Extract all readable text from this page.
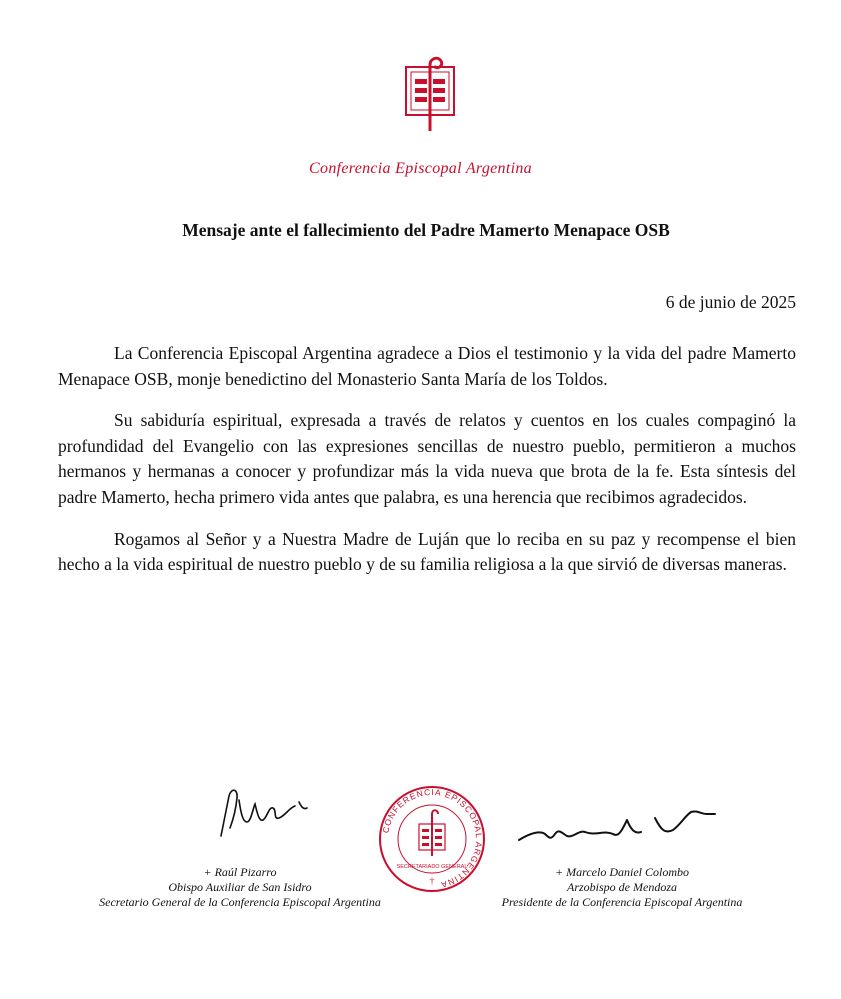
Conferencia Episcopal Argentina
Mensaje ante el fallecimiento del Padre Mamerto Menapace OSB
6 de junio de 2025

La Conferencia Episcopal Argentina agradece a Dios el testimonio y la vida del padre Mamerto Menapace OSB, monje benedictino del Monasterio Santa María de los Toldos.

Su sabiduría espiritual, expresada a través de relatos y cuentos en los cuales compaginó la profundidad del Evangelio con las expresiones sencillas de nuestro pueblo, permitieron a muchos hermanos y hermanas a conocer y profundizar más la vida nueva que brota de la fe. Esta síntesis del padre Mamerto, hecha primero vida antes que palabra, es una herencia que recibimos agradecidos.

Rogamos al Señor y a Nuestra Madre de Luján que lo reciba en su paz y recompense el bien hecho a la vida espiritual de nuestro pueblo y de su familia religiosa a la que sirvió de diversas maneras.

CONFERENCIA EPISCOPAL ARGENTINA
SECRETARIADO GENERAL
†
+ Raúl Pizarro
Obispo Auxiliar de San Isidro
Secretario General de la Conferencia Episcopal Argentina
+ Marcelo Daniel Colombo
Arzobispo de Mendoza
Presidente de la Conferencia Episcopal Argentina
